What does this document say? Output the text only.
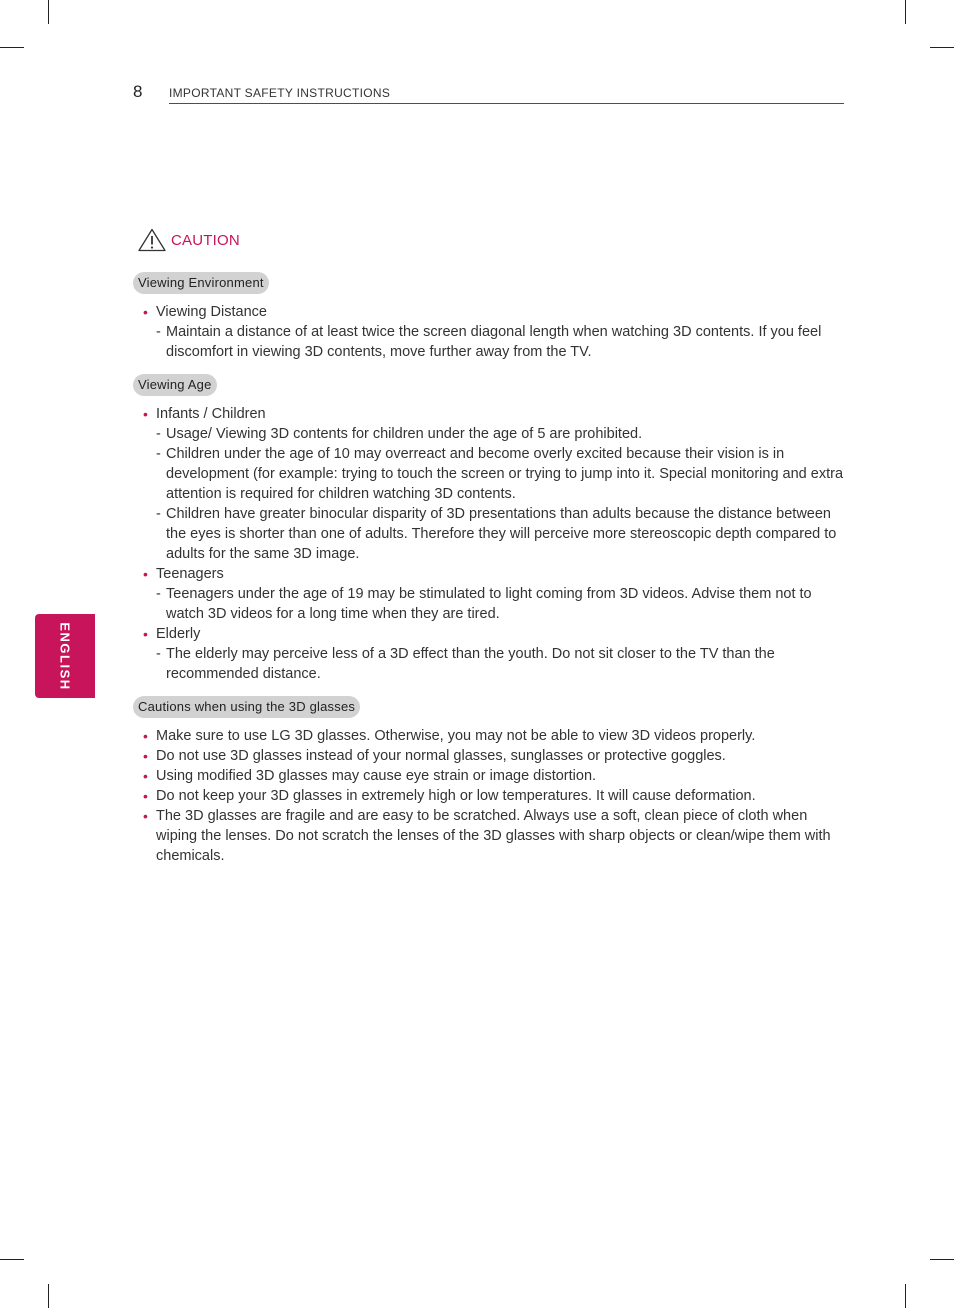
8 IMPORTANT SAFETY INSTRUCTIONS
ENGLISH
CAUTION
Viewing Environment
• Viewing Distance
- Maintain a distance of at least twice the screen diagonal length when watching 3D contents. If you feel discomfort in viewing 3D contents, move further away from the TV.
Viewing Age
• Infants / Children
- Usage/ Viewing 3D contents for children under the age of 5 are prohibited.
- Children under the age of 10 may overreact and become overly excited because their vision is in development (for example: trying to touch the screen or trying to jump into it. Special monitoring and extra attention is required for children watching 3D contents.
- Children have greater binocular disparity of 3D presentations than adults because the distance between the eyes is shorter than one of adults. Therefore they will perceive more stereoscopic depth compared to adults for the same 3D image.
• Teenagers
- Teenagers under the age of 19 may be stimulated to light coming from 3D videos. Advise them not to watch 3D videos for a long time when they are tired.
• Elderly
- The elderly may perceive less of a 3D effect than the youth. Do not sit closer to the TV than the recommended distance.
Cautions when using the 3D glasses
• Make sure to use LG 3D glasses. Otherwise, you may not be able to view 3D videos properly.
• Do not use 3D glasses instead of your normal glasses, sunglasses or protective goggles.
• Using modified 3D glasses may cause eye strain or image distortion.
• Do not keep your 3D glasses in extremely high or low temperatures. It will cause deformation.
• The 3D glasses are fragile and are easy to be scratched. Always use a soft, clean piece of cloth when wiping the lenses. Do not scratch the lenses of the 3D glasses with sharp objects or clean/wipe them with chemicals.
